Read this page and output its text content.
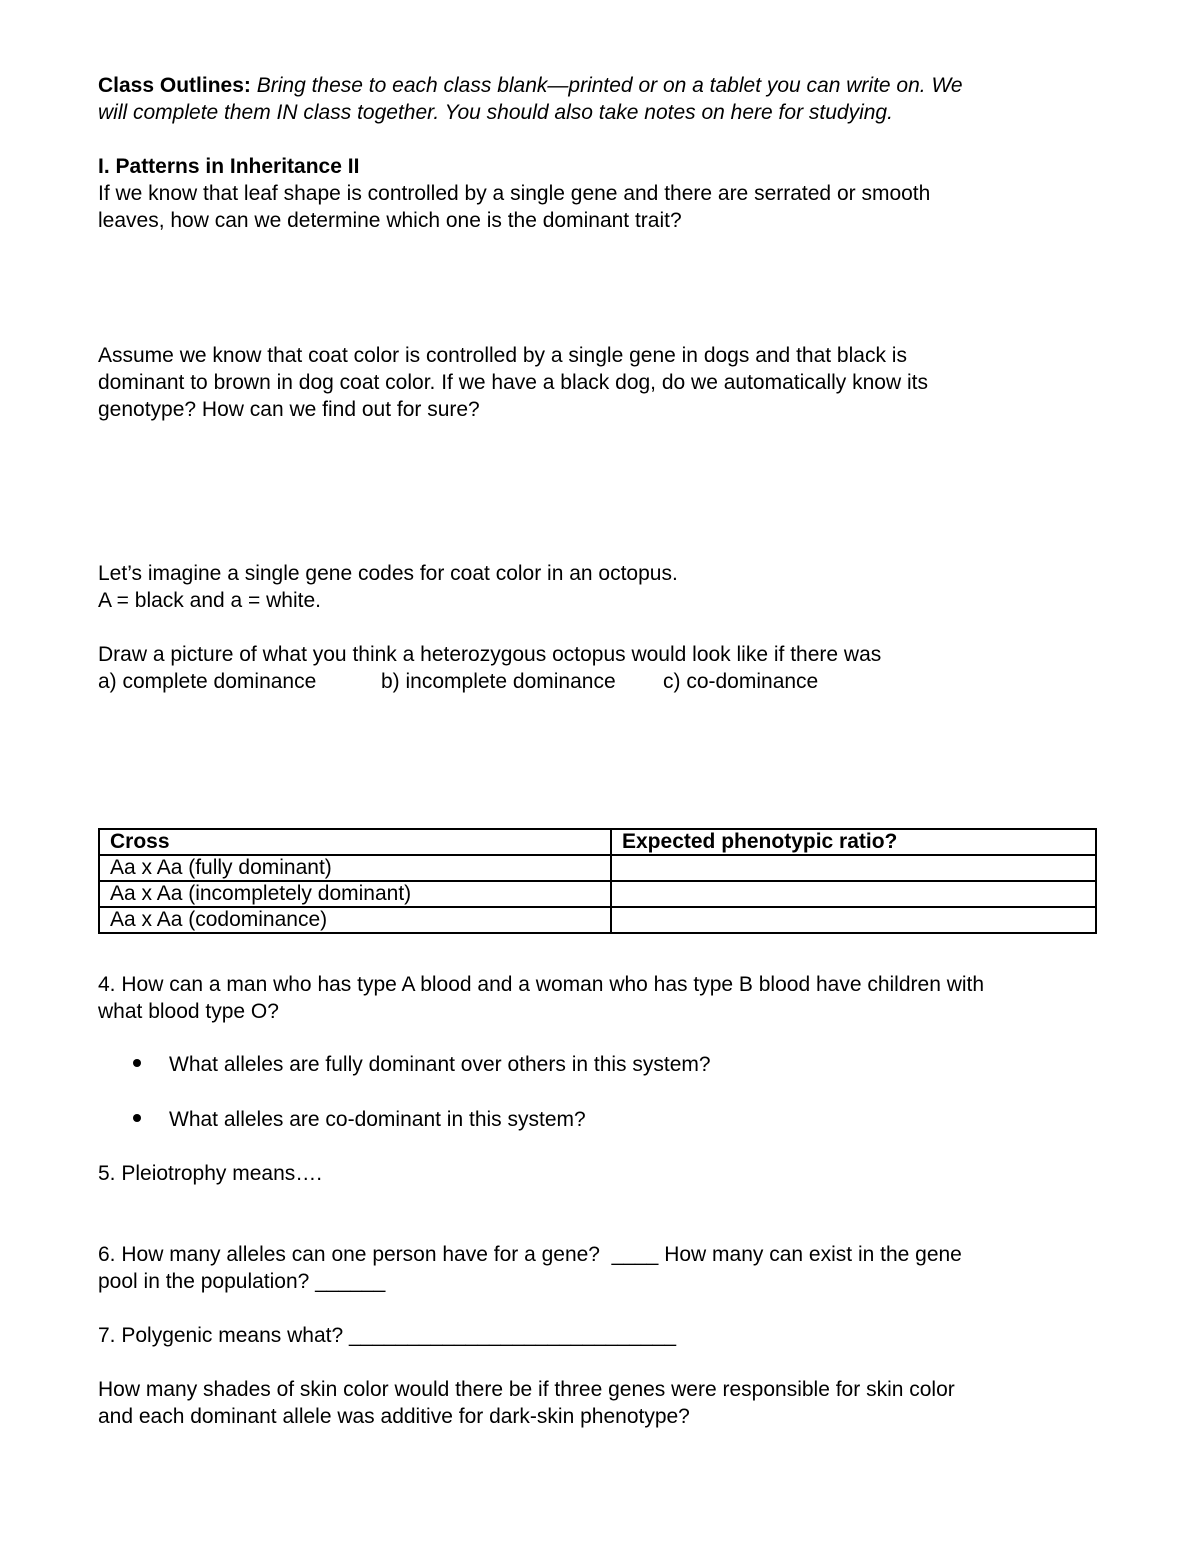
Class Outlines: Bring these to each class blank—printed or on a tablet you can write on. We
will complete them IN class together. You should also take notes on here for studying.
I. Patterns in Inheritance II
If we know that leaf shape is controlled by a single gene and there are serrated or smooth
leaves, how can we determine which one is the dominant trait?
Assume we know that coat color is controlled by a single gene in dogs and that black is
dominant to brown in dog coat color. If we have a black dog, do we automatically know its
genotype? How can we find out for sure?
Let’s imagine a single gene codes for coat color in an octopus.
A = black and a = white.
Draw a picture of what you think a heterozygous octopus would look like if there was
a) complete dominance	b) incomplete dominance	c) co-dominance
Cross	Expected phenotypic ratio?
Aa x Aa (fully dominant)	
Aa x Aa (incompletely dominant)	
Aa x Aa (codominance)	
4. How can a man who has type A blood and a woman who has type B blood have children with
what blood type O?
What alleles are fully dominant over others in this system?
What alleles are co-dominant in this system?
5. Pleiotrophy means….
6. How many alleles can one person have for a gene?  ____ How many can exist in the gene
pool in the population? ______
7. Polygenic means what? ____________________________
How many shades of skin color would there be if three genes were responsible for skin color
and each dominant allele was additive for dark-skin phenotype?
